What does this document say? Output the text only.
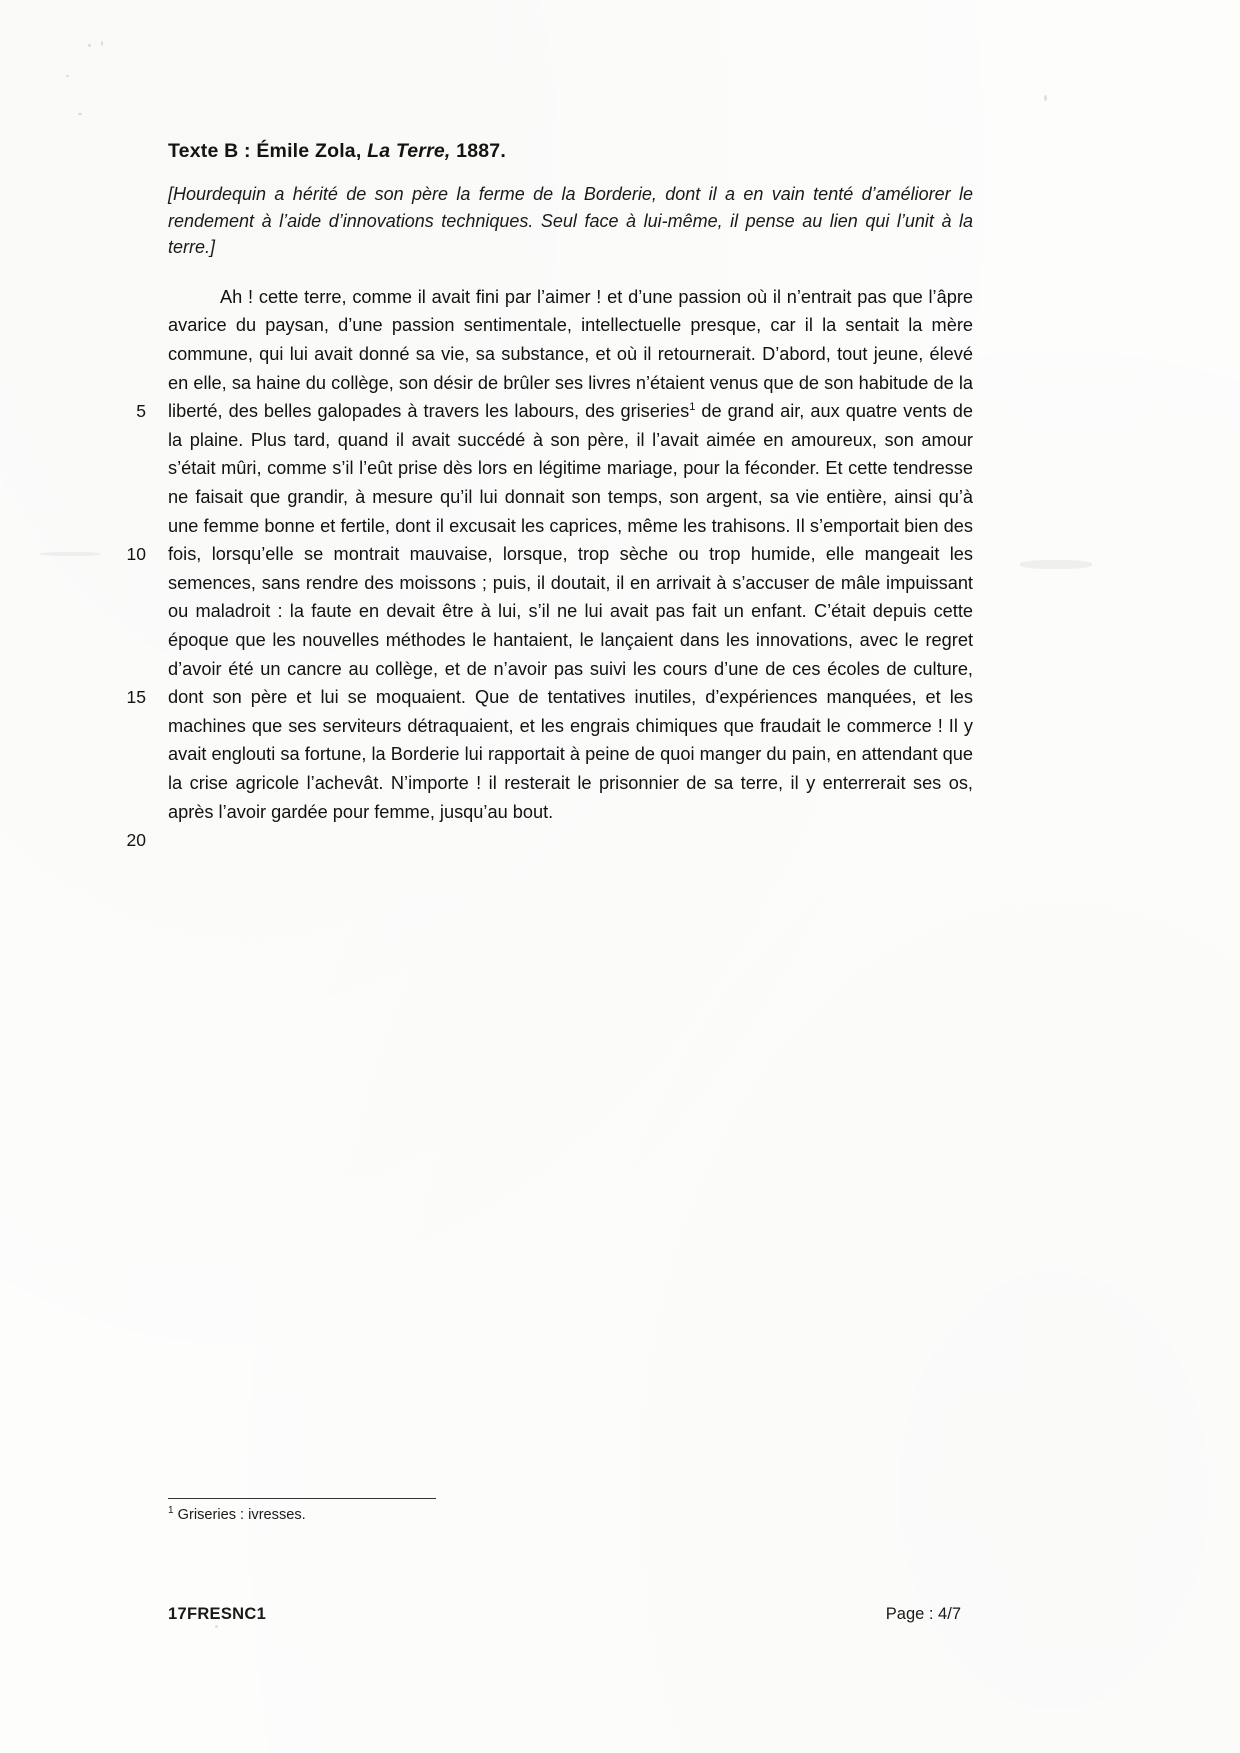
Texte B : Émile Zola, La Terre, 1887.

[Hourdequin a hérité de son père la ferme de la Borderie, dont il a en vain tenté d’améliorer le rendement à l’aide d’innovations techniques. Seul face à lui-même, il pense au lien qui l’unit à la terre.]

5
10
15
20

Ah ! cette terre, comme il avait fini par l’aimer ! et d’une passion où il n’entrait pas que l’âpre avarice du paysan, d’une passion sentimentale, intellectuelle presque, car il la sentait la mère commune, qui lui avait donné sa vie, sa substance, et où il retournerait. D’abord, tout jeune, élevé en elle, sa haine du collège, son désir de brûler ses livres n’étaient venus que de son habitude de la liberté, des belles galopades à travers les labours, des griseries$^1$ de grand air, aux quatre vents de la plaine. Plus tard, quand il avait succédé à son père, il l’avait aimée en amoureux, son amour s’était mûri, comme s’il l’eût prise dès lors en légitime mariage, pour la féconder. Et cette tendresse ne faisait que grandir, à mesure qu’il lui donnait son temps, son argent, sa vie entière, ainsi qu’à une femme bonne et fertile, dont il excusait les caprices, même les trahisons. Il s’emportait bien des fois, lorsqu’elle se montrait mauvaise, lorsque, trop sèche ou trop humide, elle mangeait les semences, sans rendre des moissons ; puis, il doutait, il en arrivait à s’accuser de mâle impuissant ou maladroit : la faute en devait être à lui, s’il ne lui avait pas fait un enfant. C’était depuis cette époque que les nouvelles méthodes le hantaient, le lançaient dans les innovations, avec le regret d’avoir été un cancre au collège, et de n’avoir pas suivi les cours d’une de ces écoles de culture, dont son père et lui se moquaient. Que de tentatives inutiles, d’expériences manquées, et les machines que ses serviteurs détraquaient, et les engrais chimiques que fraudait le commerce ! Il y avait englouti sa fortune, la Borderie lui rapportait à peine de quoi manger du pain, en attendant que la crise agricole l’achevât. N’importe ! il resterait le prisonnier de sa terre, il y enterrerait ses os, après l’avoir gardée pour femme, jusqu’au bout.

$^1$ Griseries : ivresses.
17FRESNC1	Page : 4/7
